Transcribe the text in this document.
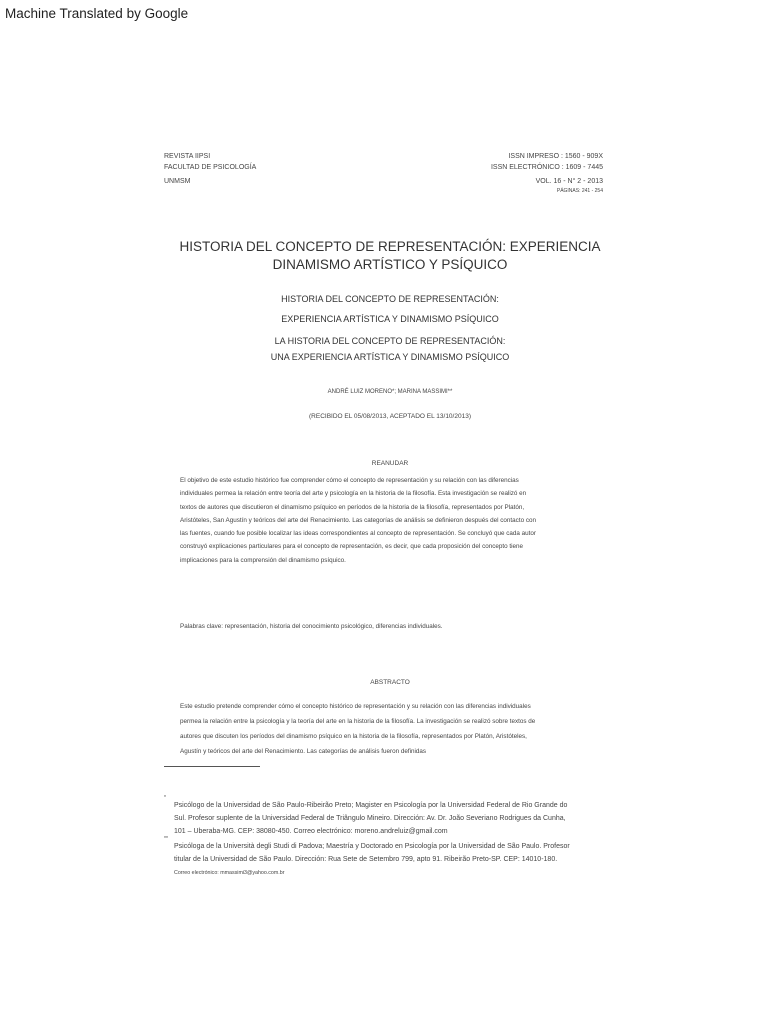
Machine Translated by Google
REVISTA IIPSI
FACULTAD DE PSICOLOGÍA
UNMSM
ISSN IMPRESO : 1560 - 909X
ISSN ELECTRÓNICO : 1609 - 7445
VOL. 16 - N° 2 - 2013
PÁGINAS: 241 - 254
HISTORIA DEL CONCEPTO DE REPRESENTACIÓN: EXPERIENCIA
DINAMISMO ARTÍSTICO Y PSÍQUICO
HISTORIA DEL CONCEPTO DE REPRESENTACIÓN:
EXPERIENCIA ARTÍSTICA Y DINAMISMO PSÍQUICO
LA HISTORIA DEL CONCEPTO DE REPRESENTACIÓN:
UNA EXPERIENCIA ARTÍSTICA Y DINAMISMO PSÍQUICO
ANDRÉ LUIZ MORENO*; MARINA MASSIMI**
(RECIBIDO EL 05/08/2013, ACEPTADO EL 13/10/2013)
REANUDAR
El objetivo de este estudio histórico fue comprender cómo el concepto de representación y su relación con las diferencias
individuales permea la relación entre teoría del arte y psicología en la historia de la filosofía. Esta investigación se realizó en
textos de autores que discutieron el dinamismo psíquico en períodos de la historia de la filosofía, representados por Platón,
Aristóteles, San Agustín y teóricos del arte del Renacimiento. Las categorías de análisis se definieron después del contacto con
las fuentes, cuando fue posible localizar las ideas correspondientes al concepto de representación. Se concluyó que cada autor
construyó explicaciones particulares para el concepto de representación, es decir, que cada proposición del concepto tiene
implicaciones para la comprensión del dinamismo psíquico.
Palabras clave: representación, historia del conocimiento psicológico, diferencias individuales.
ABSTRACTO
Este estudio pretende comprender cómo el concepto histórico de representación y su relación con las diferencias individuales
permea la relación entre la psicología y la teoría del arte en la historia de la filosofía. La investigación se realizó sobre textos de
autores que discuten los períodos del dinamismo psíquico en la historia de la filosofía, representados por Platón, Aristóteles,
Agustín y teóricos del arte del Renacimiento. Las categorías de análisis fueron definidas
*
Psicólogo de la Universidad de São Paulo-Ribeirão Preto; Magister en Psicología por la Universidad Federal de Rio Grande do
Sul. Profesor suplente de la Universidad Federal de Triângulo Mineiro. Dirección: Av. Dr. João Severiano Rodrigues da Cunha,
101 – Uberaba-MG. CEP: 38080-450. Correo electrónico: moreno.andreluiz@gmail.com
**
Psicóloga de la Università degli Studi di Padova; Maestría y Doctorado en Psicología por la Universidad de São Paulo. Profesor
titular de la Universidad de São Paulo. Dirección: Rua Sete de Setembro 799, apto 91. Ribeirão Preto-SP. CEP: 14010-180.
Correo electrónico: mmassimi3@yahoo.com.br
